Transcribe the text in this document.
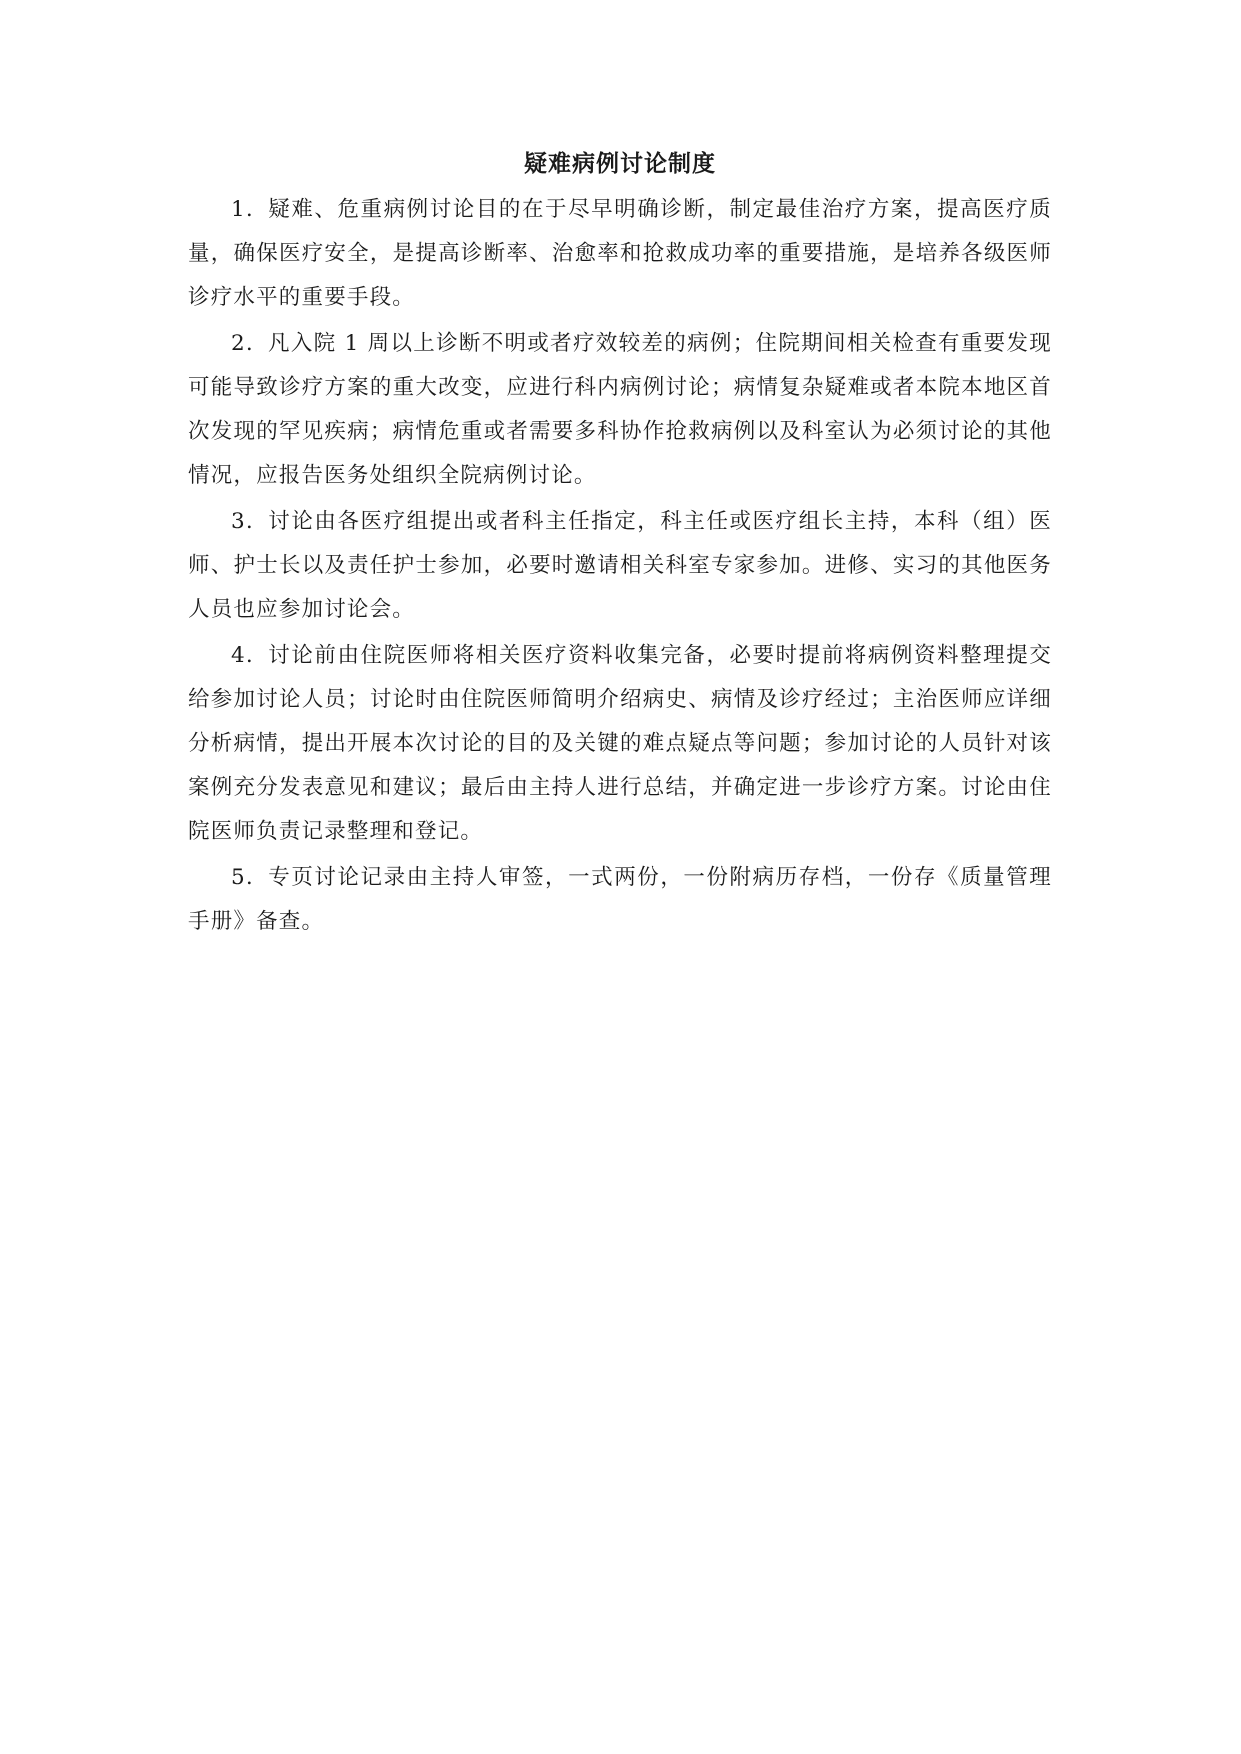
疑难病例讨论制度

1. 疑难、危重病例讨论目的在于尽早明确诊断，制定最佳治疗方案，提高医疗质量，确保医疗安全，是提高诊断率、治愈率和抢救成功率的重要措施，是培养各级医师诊疗水平的重要手段。

2. 凡入院 1 周以上诊断不明或者疗效较差的病例；住院期间相关检查有重要发现可能导致诊疗方案的重大改变，应进行科内病例讨论；病情复杂疑难或者本院本地区首次发现的罕见疾病；病情危重或者需要多科协作抢救病例以及科室认为必须讨论的其他情况，应报告医务处组织全院病例讨论。

3. 讨论由各医疗组提出或者科主任指定，科主任或医疗组长主持，本科（组）医师、护士长以及责任护士参加，必要时邀请相关科室专家参加。进修、实习的其他医务人员也应参加讨论会。

4. 讨论前由住院医师将相关医疗资料收集完备，必要时提前将病例资料整理提交给参加讨论人员；讨论时由住院医师简明介绍病史、病情及诊疗经过；主治医师应详细分析病情，提出开展本次讨论的目的及关键的难点疑点等问题；参加讨论的人员针对该案例充分发表意见和建议；最后由主持人进行总结，并确定进一步诊疗方案。讨论由住院医师负责记录整理和登记。

5. 专页讨论记录由主持人审签，一式两份，一份附病历存档，一份存《质量管理手册》备查。
